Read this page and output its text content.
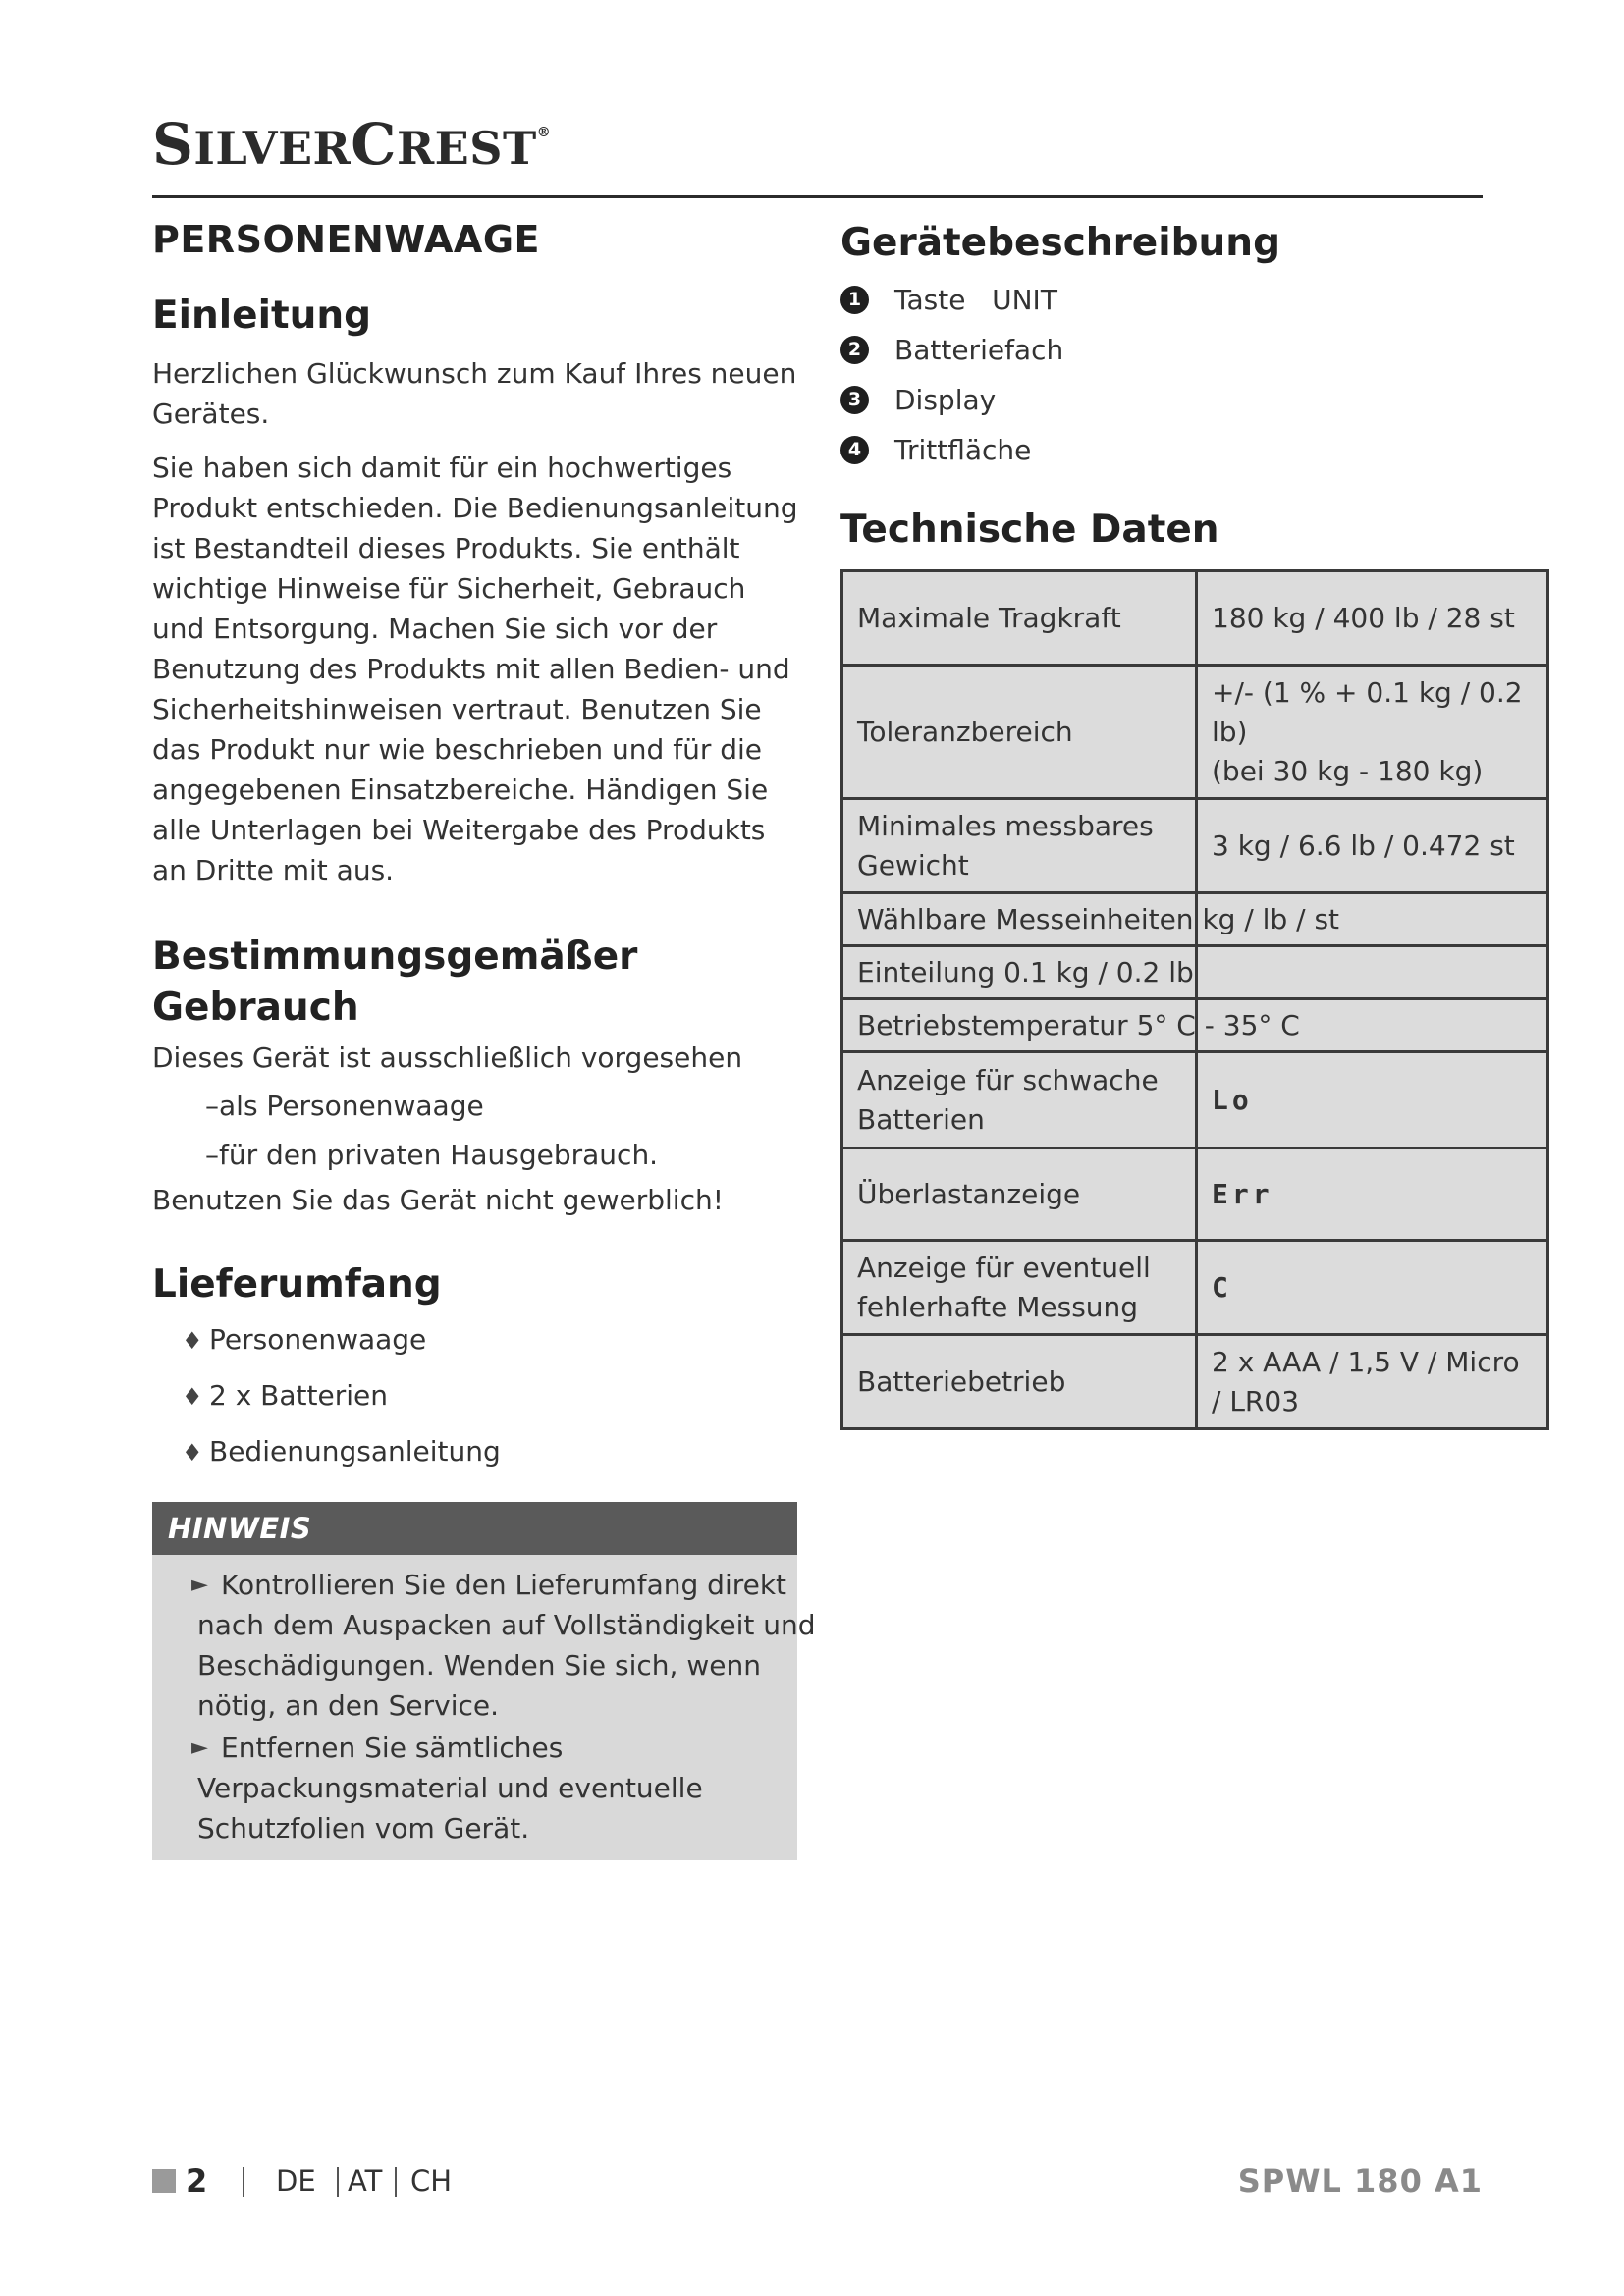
SILVERCREST®
PERSONENWAAGE
Einleitung

Herzlichen Glückwunsch zum Kauf Ihres neuen Gerätes.

Sie haben sich damit für ein hochwertiges Produkt entschieden. Die Bedienungsanleitung ist Bestandteil dieses Produkts. Sie enthält wichtige Hinweise für Sicherheit, Gebrauch und Entsorgung. Machen Sie sich vor der Benutzung des Produkts mit allen Bedien- und Sicherheitshinweisen vertraut. Benutzen Sie das Produkt nur wie beschrieben und für die angegebenen Einsatzbereiche. Händigen Sie alle Unterlagen bei Weitergabe des Produkts an Dritte mit aus.

Bestimmungsgemäßer
Gebrauch

Dieses Gerät ist ausschließlich vorgesehen

–als Personenwaage
–für den privaten Hausgebrauch.

Benutzen Sie das Gerät nicht gewerblich!

Lieferumfang
♦ Personenwaage
♦ 2 x Batterien
♦ Bedienungsanleitung
HINWEIS
► Kontrollieren Sie den Lieferumfang direkt nach dem Auspacken auf Vollständigkeit und Beschädigungen. Wenden Sie sich, wenn nötig, an den Service.
► Entfernen Sie sämtliches Verpackungsmaterial und eventuelle Schutzfolien vom Gerät.
Gerätebeschreibung
1 Taste   UNIT
2 Batteriefach
3 Display
4 Trittfläche
Technische Daten
Maximale Tragkraft	180 kg / 400 lb / 28 st
Toleranzbereich	+/- (1 % + 0.1 kg / 0.2 lb)
(bei 30 kg - 180 kg)
Minimales messbares Gewicht	3 kg / 6.6 lb / 0.472 st
Wählbare Messeinheiten kg / lb / st	
Einteilung 0.1 kg / 0.2 lb	
Betriebstemperatur 5° C - 35° C	
Anzeige für schwache Batterien	Lo
Überlastanzeige	Err
Anzeige für eventuell fehlerhafte Messung	C
Batteriebetrieb	2 x AAA / 1,5 V / Micro / LR03
2 DE AT CH	SPWL 180 A1
